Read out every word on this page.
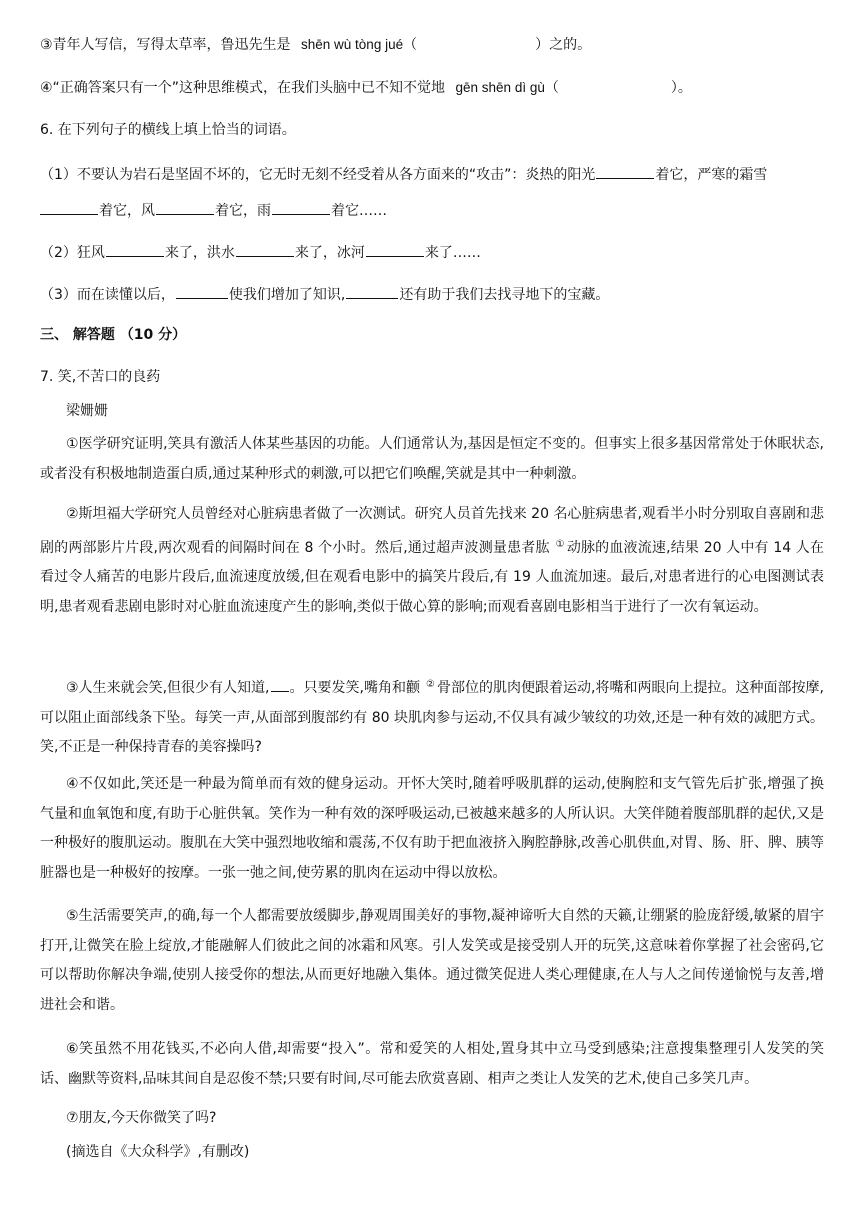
③青年人写信，写得太草率，鲁迅先生是 shēn wù tòng jué（	）之的。
④“正确答案只有一个”这种思维模式，在我们头脑中已不知不觉地 gēn shēn dì gù（	）。
6. 在下列句子的横线上填上恰当的词语。
（1）不要认为岩石是坚固不坏的，它无时无刻不经受着从各方面来的“攻击”：炎热的阳光	着它，严寒的霜雪
着它，风	着它，雨	着它……
（2）狂风	来了，洪水	来了，冰河	来了……
（3）而在读懂以后，	使我们增加了知识,	还有助于我们去找寻地下的宝藏。
三、 解答题 （10 分）
7. 笑,不苦口的良药
梁姗姗
①医学研究证明,笑具有激活人体某些基因的功能。人们通常认为,基因是恒定不变的。但事实上很多基因常常处于休眠状态,或者没有积极地制造蛋白质,通过某种形式的刺激,可以把它们唤醒,笑就是其中一种刺激。
②斯坦福大学研究人员曾经对心脏病患者做了一次测试。研究人员首先找来 20 名心脏病患者,观看半小时分别取自喜剧和悲剧的两部影片片段,两次观看的间隔时间在 8 个小时。然后,通过超声波测量患者肱 ① 动脉的血液流速,结果 20 人中有 14 人在看过令人痛苦的电影片段后,血流速度放缓,但在观看电影中的搞笑片段后,有 19 人血流加速。最后,对患者进行的心电图测试表明,患者观看悲剧电影时对心脏血流速度产生的影响,类似于做心算的影响;而观看喜剧电影相当于进行了一次有氧运动。
③人生来就会笑,但很少有人知道, 。只要发笑,嘴角和颧 ② 骨部位的肌肉便跟着运动,将嘴和两眼向上提拉。这种面部按摩,可以阻止面部线条下坠。每笑一声,从面部到腹部约有 80 块肌肉参与运动,不仅具有减少皱纹的功效,还是一种有效的减肥方式。笑,不正是一种保持青春的美容操吗?
④不仅如此,笑还是一种最为简单而有效的健身运动。开怀大笑时,随着呼吸肌群的运动,使胸腔和支气管先后扩张,增强了换气量和血氧饱和度,有助于心脏供氧。笑作为一种有效的深呼吸运动,已被越来越多的人所认识。大笑伴随着腹部肌群的起伏,又是一种极好的腹肌运动。腹肌在大笑中强烈地收缩和震荡,不仅有助于把血液挤入胸腔静脉,改善心肌供血,对胃、肠、肝、脾、胰等脏器也是一种极好的按摩。一张一弛之间,使劳累的肌肉在运动中得以放松。
⑤生活需要笑声,的确,每一个人都需要放缓脚步,静观周围美好的事物,凝神谛听大自然的天籁,让绷紧的脸庞舒缓,敏紧的眉宇打开,让微笑在脸上绽放,才能融解人们彼此之间的冰霜和风寒。引人发笑或是接受别人开的玩笑,这意味着你掌握了社会密码,它可以帮助你解决争端,使别人接受你的想法,从而更好地融入集体。通过微笑促进人类心理健康,在人与人之间传递愉悦与友善,增进社会和谐。
⑥笑虽然不用花钱买,不必向人借,却需要“投入”。常和爱笑的人相处,置身其中立马受到感染;注意搜集整理引人发笑的笑话、幽默等资料,品味其间自是忍俊不禁;只要有时间,尽可能去欣赏喜剧、相声之类让人发笑的艺术,使自己多笑几声。
⑦朋友,今天你微笑了吗?
(摘选自《大众科学》,有删改)
